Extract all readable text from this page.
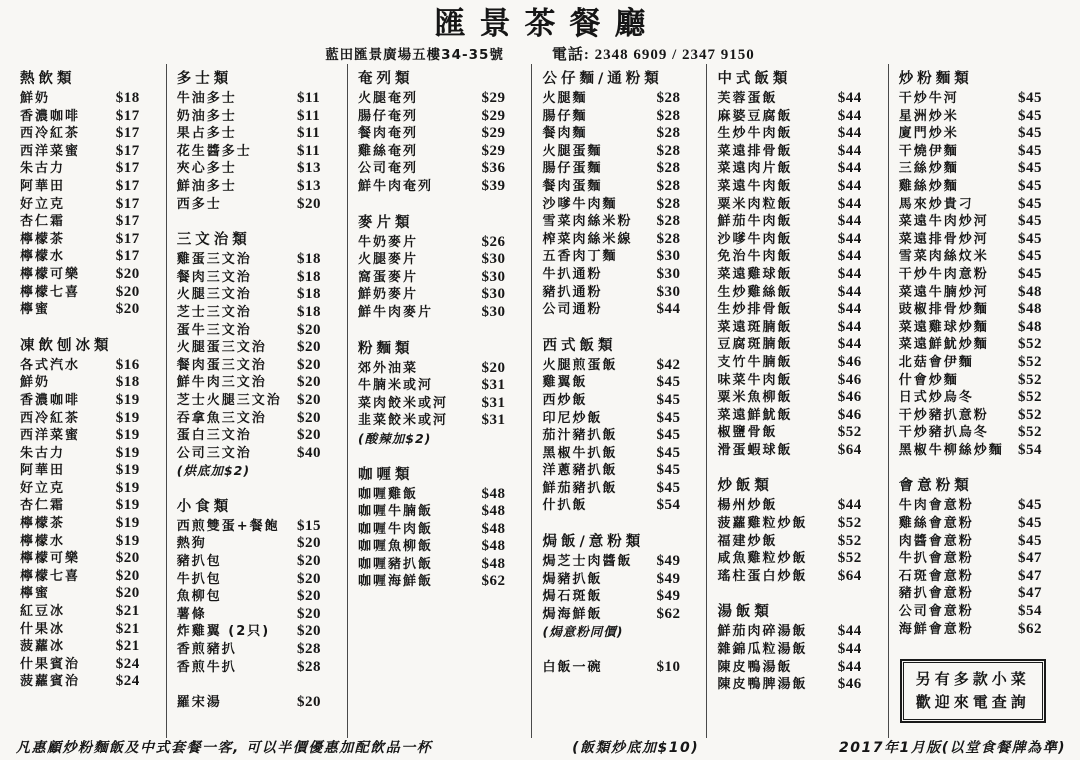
匯景茶餐廳
藍田匯景廣場五樓34-35號	電話: 2348 6909 / 2347 9150
熱飲類
鮮奶	$18
香濃咖啡	$17
西冷紅茶	$17
西洋菜蜜	$17
朱古力	$17
阿華田	$17
好立克	$17
杏仁霜	$17
檸檬茶	$17
檸檬水	$17
檸檬可樂	$20
檸檬七喜	$20
檸蜜	$20
凍飲刨冰類
各式汽水	$16
鮮奶	$18
香濃咖啡	$19
西冷紅茶	$19
西洋菜蜜	$19
朱古力	$19
阿華田	$19
好立克	$19
杏仁霜	$19
檸檬茶	$19
檸檬水	$19
檸檬可樂	$20
檸檬七喜	$20
檸蜜	$20
紅豆冰	$21
什果冰	$21
菠蘿冰	$21
什果賓治	$24
菠蘿賓治	$24
多士類
牛油多士	$11
奶油多士	$11
果占多士	$11
花生醬多士	$11
夾心多士	$13
鮮油多士	$13
西多士	$20
三文治類
雞蛋三文治	$18
餐肉三文治	$18
火腿三文治	$18
芝士三文治	$18
蛋牛三文治	$20
火腿蛋三文治	$20
餐肉蛋三文治	$20
鮮牛肉三文治	$20
芝士火腿三文治	$20
吞拿魚三文治	$20
蛋白三文治	$20
公司三文治	$40
(烘底加$2)
小食類
西煎雙蛋+餐飽	$15
熱狗	$20
豬扒包	$20
牛扒包	$20
魚柳包	$20
薯條	$20
炸雞翼 (2只)	$20
香煎豬扒	$28
香煎牛扒	$28
羅宋湯	$20
奄列類
火腿奄列	$29
腸仔奄列	$29
餐肉奄列	$29
雞絲奄列	$29
公司奄列	$36
鮮牛肉奄列	$39
麥片類
牛奶麥片	$26
火腿麥片	$30
窩蛋麥片	$30
鮮奶麥片	$30
鮮牛肉麥片	$30
粉麵類
郊外油菜	$20
牛腩米或河	$31
菜肉餃米或河	$31
韭菜餃米或河	$31
(酸辣加$2)
咖喱類
咖喱雞飯	$48
咖喱牛腩飯	$48
咖喱牛肉飯	$48
咖喱魚柳飯	$48
咖喱豬扒飯	$48
咖喱海鮮飯	$62
公仔麵/通粉類
火腿麵	$28
腸仔麵	$28
餐肉麵	$28
火腿蛋麵	$28
腸仔蛋麵	$28
餐肉蛋麵	$28
沙嗲牛肉麵	$28
雪菜肉絲米粉	$28
榨菜肉絲米線	$28
五香肉丁麵	$30
牛扒通粉	$30
豬扒通粉	$30
公司通粉	$44
西式飯類
火腿煎蛋飯	$42
雞翼飯	$45
西炒飯	$45
印尼炒飯	$45
茄汁豬扒飯	$45
黑椒牛扒飯	$45
洋蔥豬扒飯	$45
鮮茄豬扒飯	$45
什扒飯	$54
焗飯/意粉類
焗芝士肉醬飯	$49
焗豬扒飯	$49
焗石斑飯	$49
焗海鮮飯	$62
(焗意粉同價)
白飯一碗	$10
中式飯類
芙蓉蛋飯	$44
麻婆豆腐飯	$44
生炒牛肉飯	$44
菜遠排骨飯	$44
菜遠肉片飯	$44
菜遠牛肉飯	$44
粟米肉粒飯	$44
鮮茄牛肉飯	$44
沙嗲牛肉飯	$44
免治牛肉飯	$44
菜遠雞球飯	$44
生炒雞絲飯	$44
生炒排骨飯	$44
菜遠斑腩飯	$44
豆腐斑腩飯	$44
支竹牛腩飯	$46
味菜牛肉飯	$46
粟米魚柳飯	$46
菜遠鮮魷飯	$46
椒鹽骨飯	$52
滑蛋蝦球飯	$64
炒飯類
楊州炒飯	$44
菠蘿雞粒炒飯	$52
福建炒飯	$52
咸魚雞粒炒飯	$52
瑤柱蛋白炒飯	$64
湯飯類
鮮茄肉碎湯飯	$44
雜錦瓜粒湯飯	$44
陳皮鴨湯飯	$44
陳皮鴨脾湯飯	$46
炒粉麵類
干炒牛河	$45
星洲炒米	$45
廈門炒米	$45
干燒伊麵	$45
三絲炒麵	$45
雞絲炒麵	$45
馬來炒貴刁	$45
菜遠牛肉炒河	$45
菜遠排骨炒河	$45
雪菜肉絲炆米	$45
干炒牛肉意粉	$45
菜遠牛腩炒河	$48
豉椒排骨炒麵	$48
菜遠雞球炒麵	$48
菜遠鮮魷炒麵	$52
北菇會伊麵	$52
什會炒麵	$52
日式炒烏冬	$52
干炒豬扒意粉	$52
干炒豬扒烏冬	$52
黑椒牛柳絲炒麵 $54
會意粉類
牛肉會意粉	$45
雞絲會意粉	$45
肉醬會意粉	$45
牛扒會意粉	$47
石斑會意粉	$47
豬扒會意粉	$47
公司會意粉	$54
海鮮會意粉	$62
另有多款小菜
歡迎來電查詢
凡惠顧炒粉麵飯及中式套餐一客, 可以半價優惠加配飲品一杯	(飯類炒底加$10)	2017年1月版(以堂食餐牌為準)
